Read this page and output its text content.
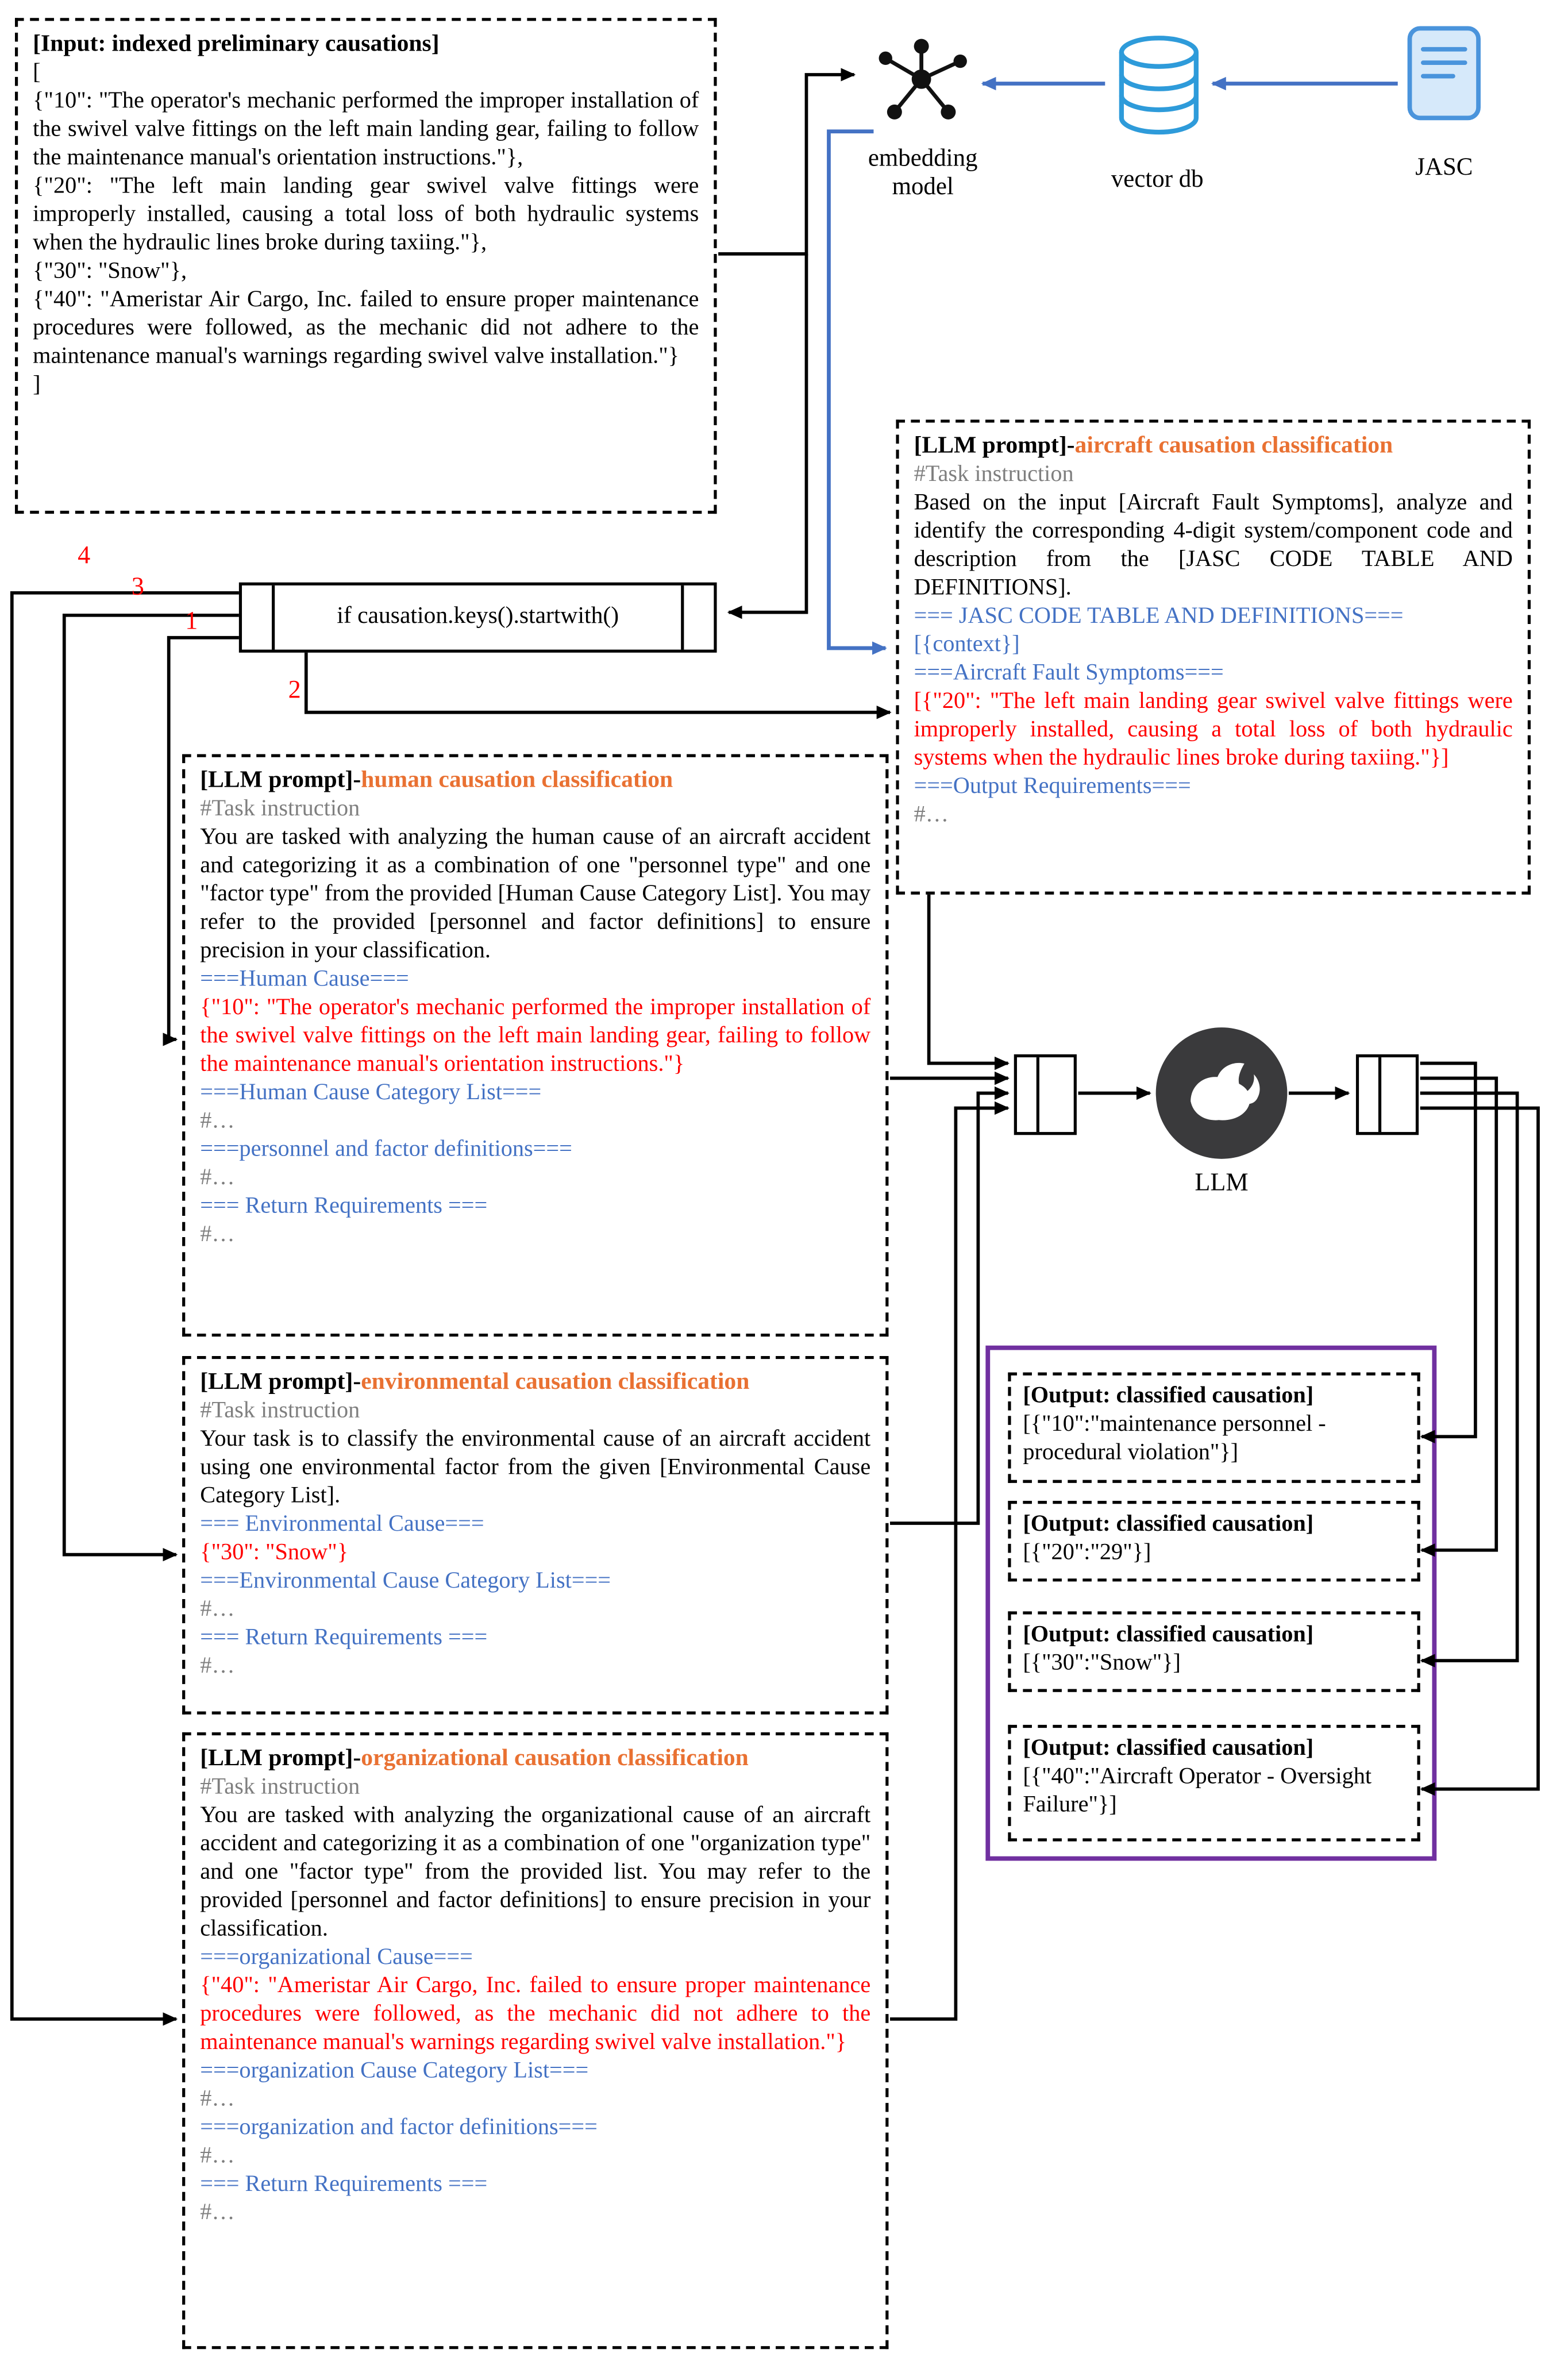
[Input: indexed preliminary causations]
[
{"10": "The operator's mechanic performed the improper installation of the swivel valve fittings on the left main landing gear, failing to follow the maintenance manual's orientation instructions."},
{"20": "The left main landing gear swivel valve fittings were improperly installed, causing a total loss of both hydraulic systems when the hydraulic lines broke during taxiing."},
{"30": "Snow"},
{"40": "Ameristar Air Cargo, Inc. failed to ensure proper maintenance procedures were followed, as the mechanic did not adhere to the maintenance manual's warnings regarding swivel valve installation."}
]
embedding model	vector db	JASC
if causation.keys().startwith()
4
3
1
2
[LLM prompt]-aircraft causation classification
#Task instruction
Based on the input [Aircraft Fault Symptoms], analyze and identify the corresponding 4-digit system/component code and description from the [JASC CODE TABLE AND DEFINITIONS].
=== JASC CODE TABLE AND DEFINITIONS===
[{context}]
===Aircraft Fault Symptoms===
[{"20": "The left main landing gear swivel valve fittings were improperly installed, causing a total loss of both hydraulic systems when the hydraulic lines broke during taxiing."}]
===Output Requirements===
#…
[LLM prompt]-human causation classification
#Task instruction
You are tasked with analyzing the human cause of an aircraft accident and categorizing it as a combination of one "personnel type" and one "factor type" from the provided [Human Cause Category List]. You may refer to the provided [personnel and factor definitions] to ensure precision in your classification.
===Human Cause===
{"10": "The operator's mechanic performed the improper installation of the swivel valve fittings on the left main landing gear, failing to follow the maintenance manual's orientation instructions."}
===Human Cause Category List===
#…
===personnel and factor definitions===
#…
=== Return Requirements ===
#…
[LLM prompt]-environmental causation classification
#Task instruction
Your task is to classify the environmental cause of an aircraft accident using one environmental factor from the given [Environmental Cause Category List].
=== Environmental Cause===
{"30": "Snow"}
===Environmental Cause Category List===
#…
=== Return Requirements ===
#…
[LLM prompt]-organizational causation classification
#Task instruction
You are tasked with analyzing the organizational cause of an aircraft accident and categorizing it as a combination of one "organization type" and one "factor type" from the provided list. You may refer to the provided [personnel and factor definitions] to ensure precision in your classification.
===organizational Cause===
{"40": "Ameristar Air Cargo, Inc. failed to ensure proper maintenance procedures were followed, as the mechanic did not adhere to the maintenance manual's warnings regarding swivel valve installation."}
===organization Cause Category List===
#…
===organization and factor definitions===
#…
=== Return Requirements ===
#…
LLM
[Output: classified causation]
[{"10":"maintenance personnel - procedural violation"}]
[Output: classified causation]
[{"20":"29"}]
[Output: classified causation]
[{"30":"Snow"}]
[Output: classified causation]
[{"40":"Aircraft Operator - Oversight Failure"}]
